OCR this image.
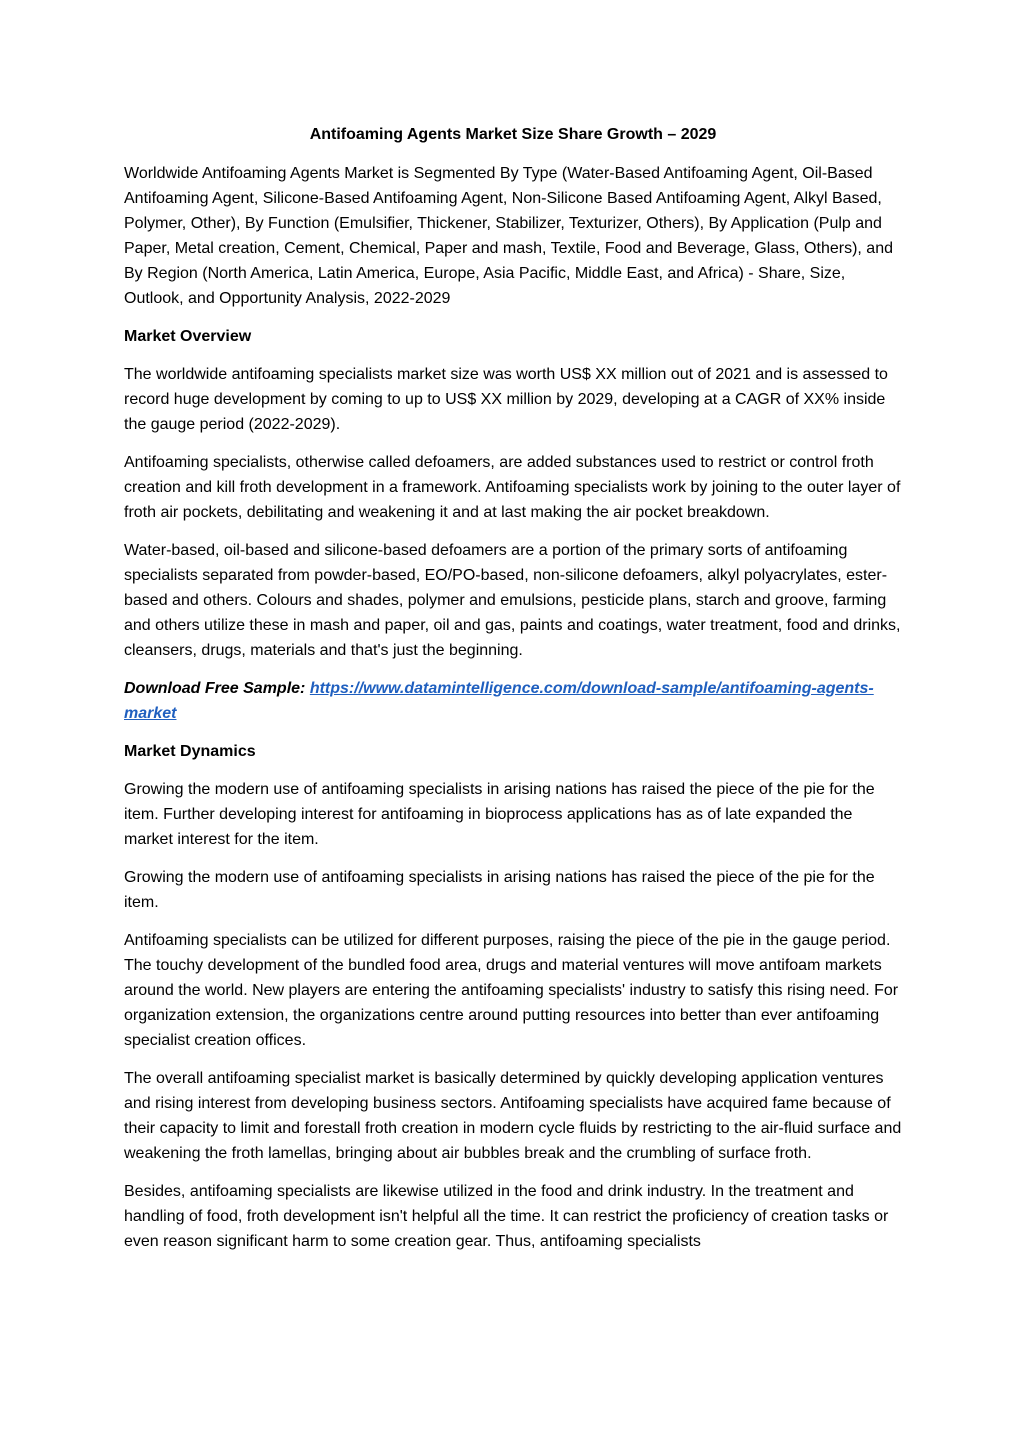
Antifoaming Agents Market Size Share Growth – 2029

Worldwide Antifoaming Agents Market is Segmented By Type (Water-Based Antifoaming Agent, Oil-Based Antifoaming Agent, Silicone-Based Antifoaming Agent, Non-Silicone Based Antifoaming Agent, Alkyl Based, Polymer, Other), By Function (Emulsifier, Thickener, Stabilizer, Texturizer, Others), By Application (Pulp and Paper, Metal creation, Cement, Chemical, Paper and mash, Textile, Food and Beverage, Glass, Others), and By Region (North America, Latin America, Europe, Asia Pacific, Middle East, and Africa) - Share, Size, Outlook, and Opportunity Analysis, 2022-2029

Market Overview

The worldwide antifoaming specialists market size was worth US$ XX million out of 2021 and is assessed to record huge development by coming to up to US$ XX million by 2029, developing at a CAGR of XX% inside the gauge period (2022-2029).

Antifoaming specialists, otherwise called defoamers, are added substances used to restrict or control froth creation and kill froth development in a framework. Antifoaming specialists work by joining to the outer layer of froth air pockets, debilitating and weakening it and at last making the air pocket breakdown.

Water-based, oil-based and silicone-based defoamers are a portion of the primary sorts of antifoaming specialists separated from powder-based, EO/PO-based, non-silicone defoamers, alkyl polyacrylates, ester-based and others. Colours and shades, polymer and emulsions, pesticide plans, starch and groove, farming and others utilize these in mash and paper, oil and gas, paints and coatings, water treatment, food and drinks, cleansers, drugs, materials and that's just the beginning.

Download Free Sample: https://www.datamintelligence.com/download-sample/antifoaming-agents-market

Market Dynamics

Growing the modern use of antifoaming specialists in arising nations has raised the piece of the pie for the item. Further developing interest for antifoaming in bioprocess applications has as of late expanded the market interest for the item.

Growing the modern use of antifoaming specialists in arising nations has raised the piece of the pie for the item.

Antifoaming specialists can be utilized for different purposes, raising the piece of the pie in the gauge period. The touchy development of the bundled food area, drugs and material ventures will move antifoam markets around the world. New players are entering the antifoaming specialists' industry to satisfy this rising need. For organization extension, the organizations centre around putting resources into better than ever antifoaming specialist creation offices.

The overall antifoaming specialist market is basically determined by quickly developing application ventures and rising interest from developing business sectors. Antifoaming specialists have acquired fame because of their capacity to limit and forestall froth creation in modern cycle fluids by restricting to the air-fluid surface and weakening the froth lamellas, bringing about air bubbles break and the crumbling of surface froth.

Besides, antifoaming specialists are likewise utilized in the food and drink industry. In the treatment and handling of food, froth development isn't helpful all the time. It can restrict the proficiency of creation tasks or even reason significant harm to some creation gear. Thus, antifoaming specialists
